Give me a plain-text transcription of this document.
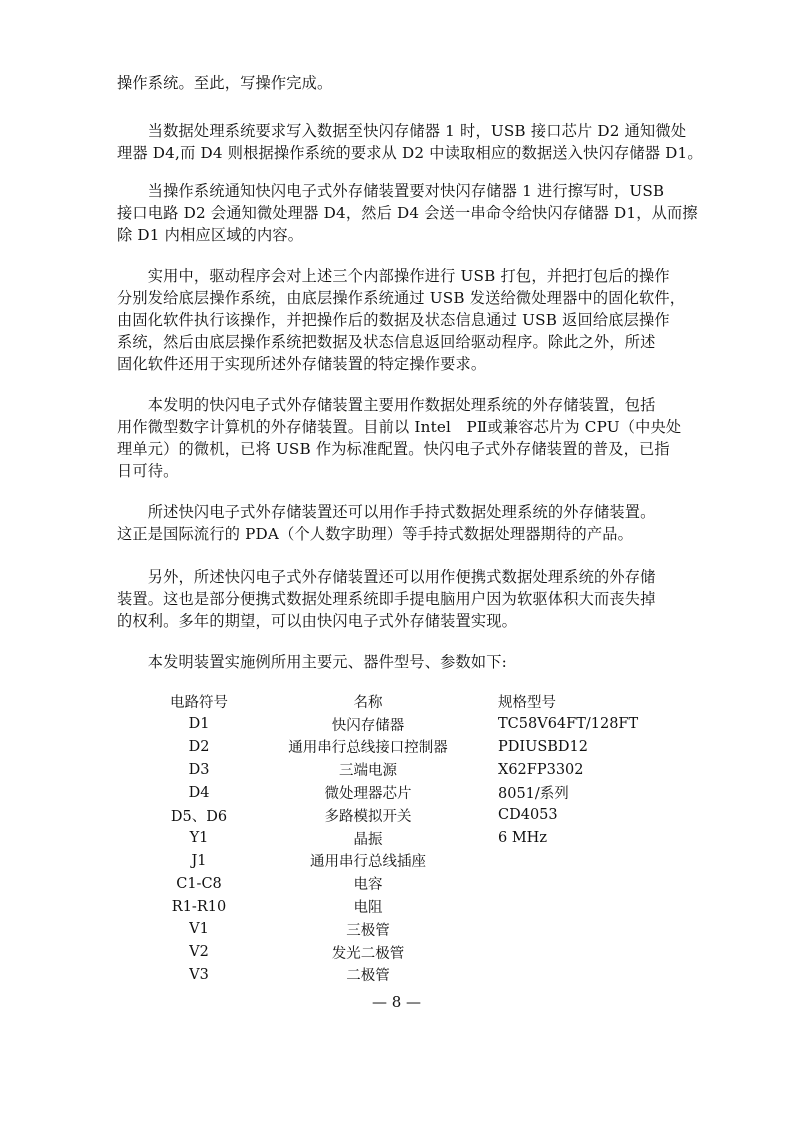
操作系统。至此，写操作完成。
　　当数据处理系统要求写入数据至快闪存储器 1 时，USB 接口芯片 D2 通知微处
理器 D4,而 D4 则根据操作系统的要求从 D2 中读取相应的数据送入快闪存储器 D1。
　　当操作系统通知快闪电子式外存储装置要对快闪存储器 1 进行擦写时，USB
接口电路 D2 会通知微处理器 D4，然后 D4 会送一串命令给快闪存储器 D1，从而擦
除 D1 内相应区域的内容。
　　实用中，驱动程序会对上述三个内部操作进行 USB 打包，并把打包后的操作
分别发给底层操作系统，由底层操作系统通过 USB 发送给微处理器中的固化软件，
由固化软件执行该操作，并把操作后的数据及状态信息通过 USB 返回给底层操作
系统，然后由底层操作系统把数据及状态信息返回给驱动程序。除此之外，所述
固化软件还用于实现所述外存储装置的特定操作要求。
　　本发明的快闪电子式外存储装置主要用作数据处理系统的外存储装置，包括
用作微型数字计算机的外存储装置。目前以 Intel　PⅡ或兼容芯片为 CPU（中央处
理单元）的微机，已将 USB 作为标准配置。快闪电子式外存储装置的普及，已指
日可待。
　　所述快闪电子式外存储装置还可以用作手持式数据处理系统的外存储装置。
这正是国际流行的 PDA（个人数字助理）等手持式数据处理器期待的产品。
　　另外，所述快闪电子式外存储装置还可以用作便携式数据处理系统的外存储
装置。这也是部分便携式数据处理系统即手提电脑用户因为软驱体积大而丧失掉
的权利。多年的期望，可以由快闪电子式外存储装置实现。
　　本发明装置实施例所用主要元、器件型号、参数如下:
电路符号	名称	规格型号
D1	快闪存储器	TC58V64FT/128FT
D2	通用串行总线接口控制器	PDIUSBD12
D3	三端电源	X62FP3302
D4	微处理器芯片	8051/系列
D5、D6	多路模拟开关	CD4053
Y1	晶振	6 MHz
J1	通用串行总线插座	
C1-C8	电容	
R1-R10	电阻	
V1	三极管	
V2	发光二极管	
V3	二极管	
— 8 —
